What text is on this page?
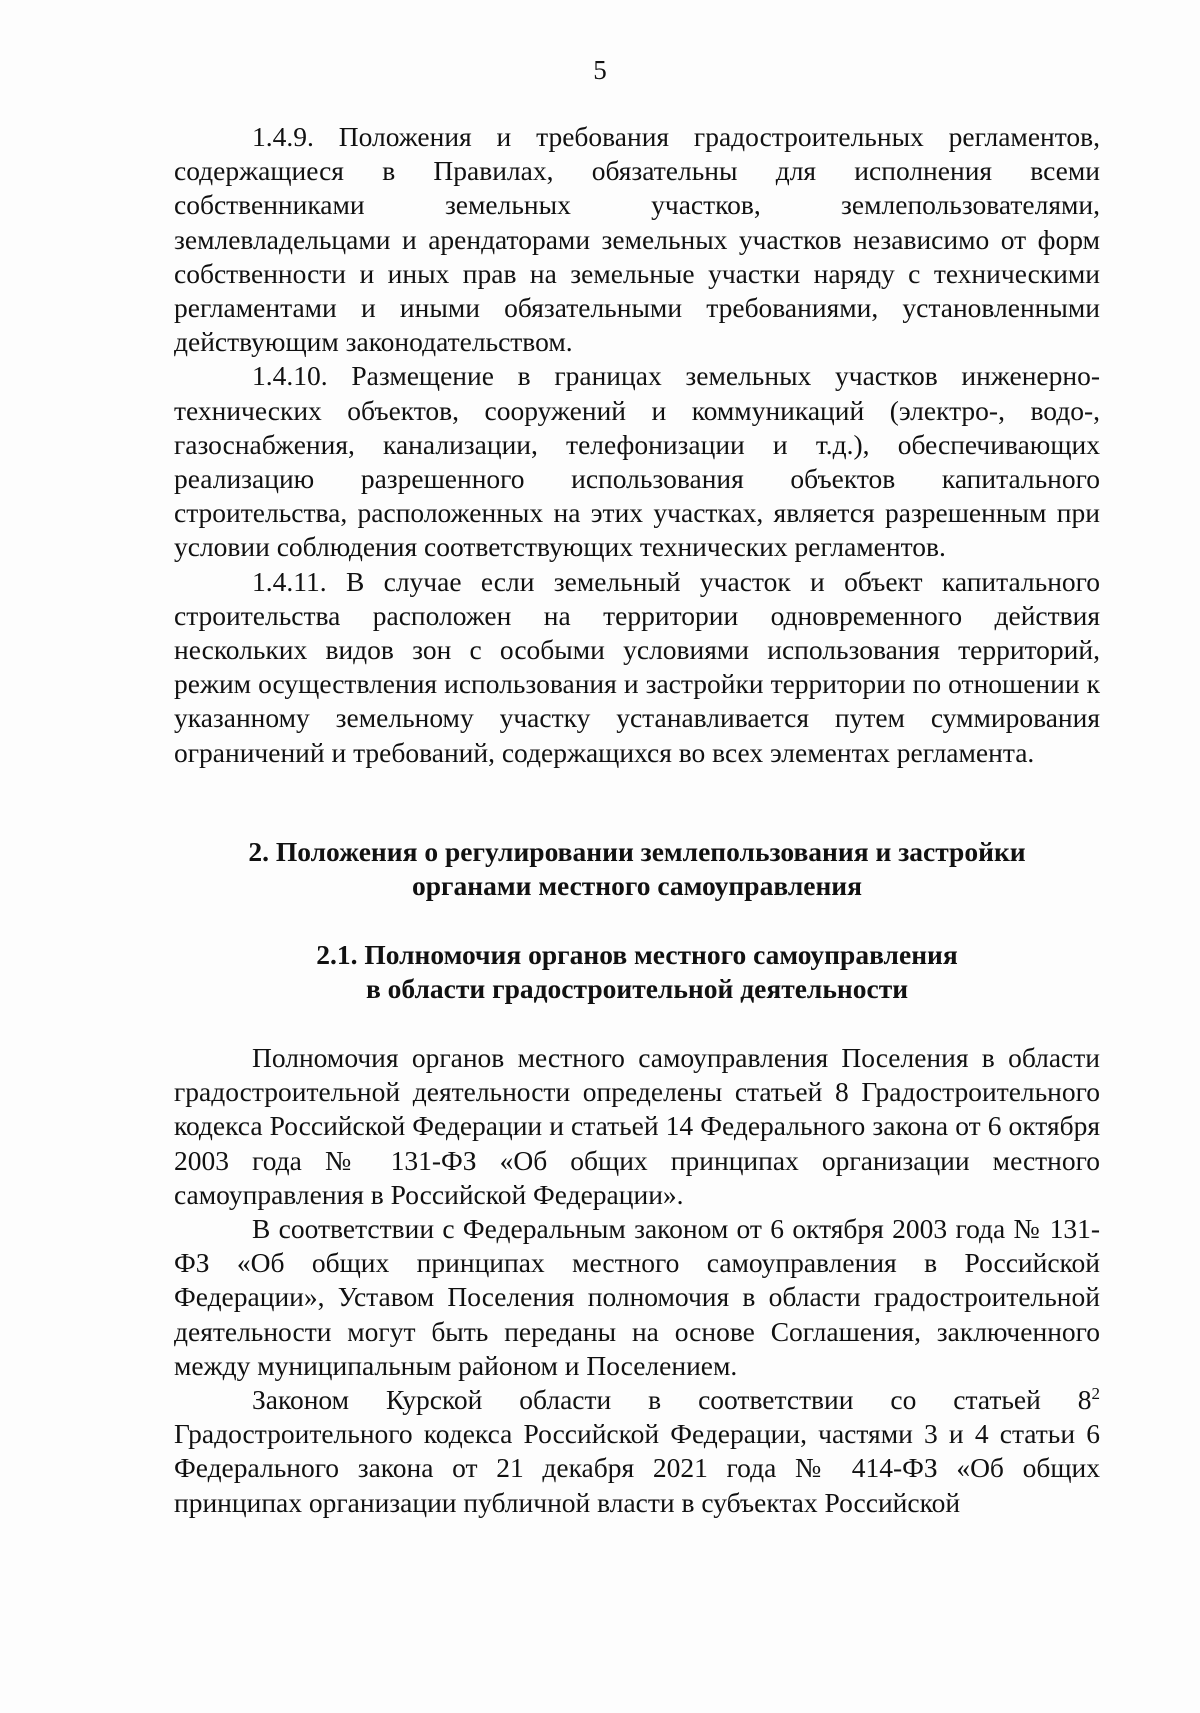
5

1.4.9. Положения и требования градостроительных регламентов, содержащиеся в Правилах, обязательны для исполнения всеми собственниками земельных участков, землепользователями, землевладельцами и арендаторами земельных участков независимо от форм собственности и иных прав на земельные участки наряду с техническими регламентами и иными обязательными требованиями, установленными действующим законодательством.

1.4.10. Размещение в границах земельных участков инженерно-технических объектов, сооружений и коммуникаций (электро-, водо-, газоснабжения, канализации, телефонизации и т.д.), обеспечивающих реализацию разрешенного использования объектов капитального строительства, расположенных на этих участках, является разрешенным при условии соблюдения соответствующих технических регламентов.

1.4.11. В случае если земельный участок и объект капитального строительства расположен на территории одновременного действия нескольких видов зон с особыми условиями использования территорий, режим осуществления использования и застройки территории по отношении к указанному земельному участку устанавливается путем суммирования ограничений и требований, содержащихся во всех элементах регламента.

2. Положения о регулировании землепользования и застройки
органами местного самоуправления
2.1. Полномочия органов местного самоуправления
в области градостроительной деятельности

Полномочия органов местного самоуправления Поселения в области градостроительной деятельности определены статьей 8 Градостроительного кодекса Российской Федерации и статьей 14 Федерального закона от 6 октября 2003 года № 131-ФЗ «Об общих принципах организации местного самоуправления в Российской Федерации».

В соответствии с Федеральным законом от 6 октября 2003 года № 131-ФЗ «Об общих принципах местного самоуправления в Российской Федерации», Уставом Поселения полномочия в области градостроительной деятельности могут быть переданы на основе Соглашения, заключенного между муниципальным районом и Поселением.

Законом Курской области в соответствии со статьей $8^2$ Градостроительного кодекса Российской Федерации, частями 3 и 4 статьи 6 Федерального закона от 21 декабря 2021 года № 414-ФЗ «Об общих принципах организации публичной власти в субъектах Российской
